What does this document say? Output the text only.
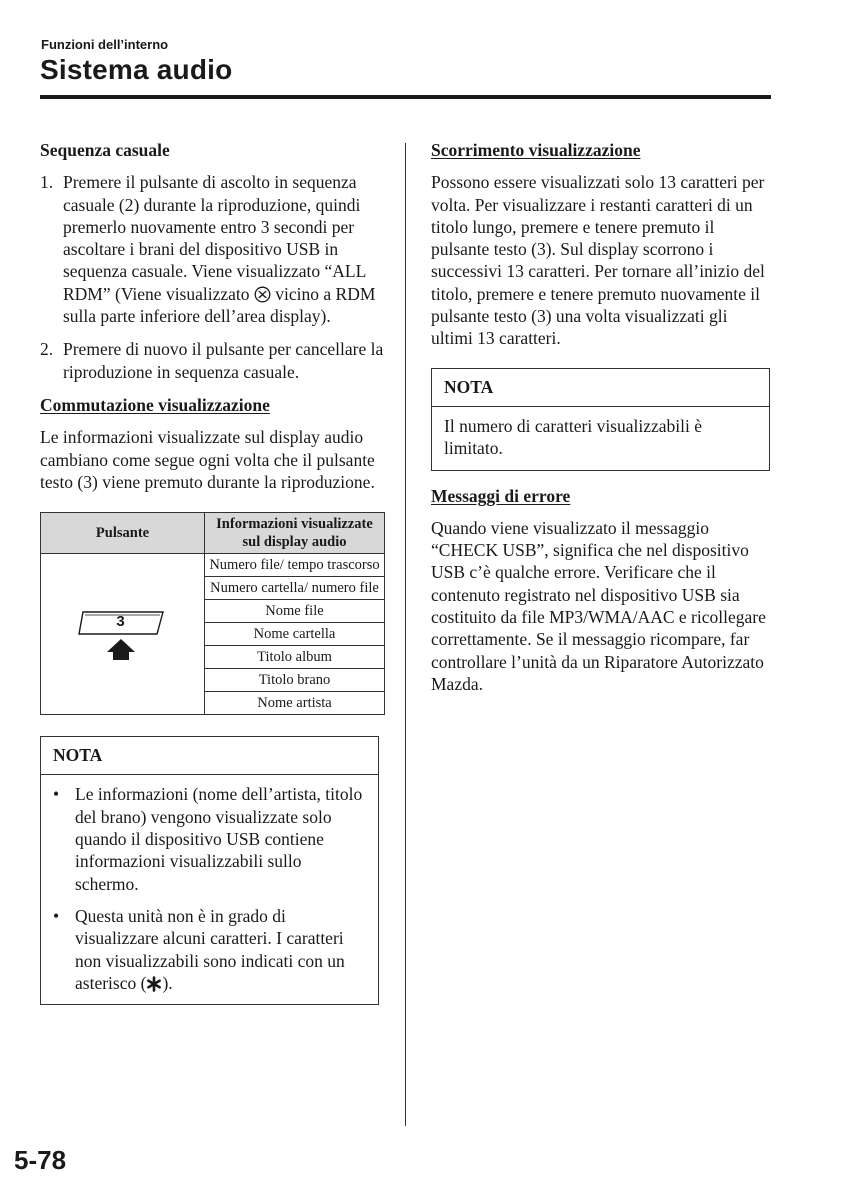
Funzioni dell’interno
Sistema audio
Sequenza casuale
1. Premere il pulsante di ascolto in sequenza casuale (2) durante la riproduzione, quindi premerlo nuovamente entro 3 secondi per ascoltare i brani del dispositivo USB in sequenza casuale. Viene visualizzato “ALL RDM” (Viene visualizzato vicino a RDM sulla parte inferiore dell’area display).
2. Premere di nuovo il pulsante per cancellare la riproduzione in sequenza casuale.
Commutazione visualizzazione

Le informazioni visualizzate sul display audio cambiano come segue ogni volta che il pulsante testo (3) viene premuto durante la riproduzione.

Pulsante	Informazioni visualizzate sul display audio

3	Numero file/ tempo trascorso
	Numero cartella/ numero file
	Nome file
	Nome cartella
	Titolo album
	Titolo brano
	Nome artista
NOTA
• Le informazioni (nome dell’artista, titolo del brano) vengono visualizzate solo quando il dispositivo USB contiene informazioni visualizzabili sullo schermo.
• Questa unità non è in grado di visualizzare alcuni caratteri. I caratteri non visualizzabili sono indicati con un asterisco ( ).
Scorrimento visualizzazione

Possono essere visualizzati solo 13 caratteri per volta. Per visualizzare i restanti caratteri di un titolo lungo, premere e tenere premuto il pulsante testo (3). Sul display scorrono i successivi 13 caratteri. Per tornare all’inizio del titolo, premere e tenere premuto nuovamente il pulsante testo (3) una volta visualizzati gli ultimi 13 caratteri.

NOTA
Il numero di caratteri visualizzabili è limitato.
Messaggi di errore

Quando viene visualizzato il messaggio “CHECK USB”, significa che nel dispositivo USB c’è qualche errore. Verificare che il contenuto registrato nel dispositivo USB sia costituito da file MP3/WMA/AAC e ricollegare correttamente. Se il messaggio ricompare, far controllare l’unità da un Riparatore Autorizzato Mazda.

5-78
